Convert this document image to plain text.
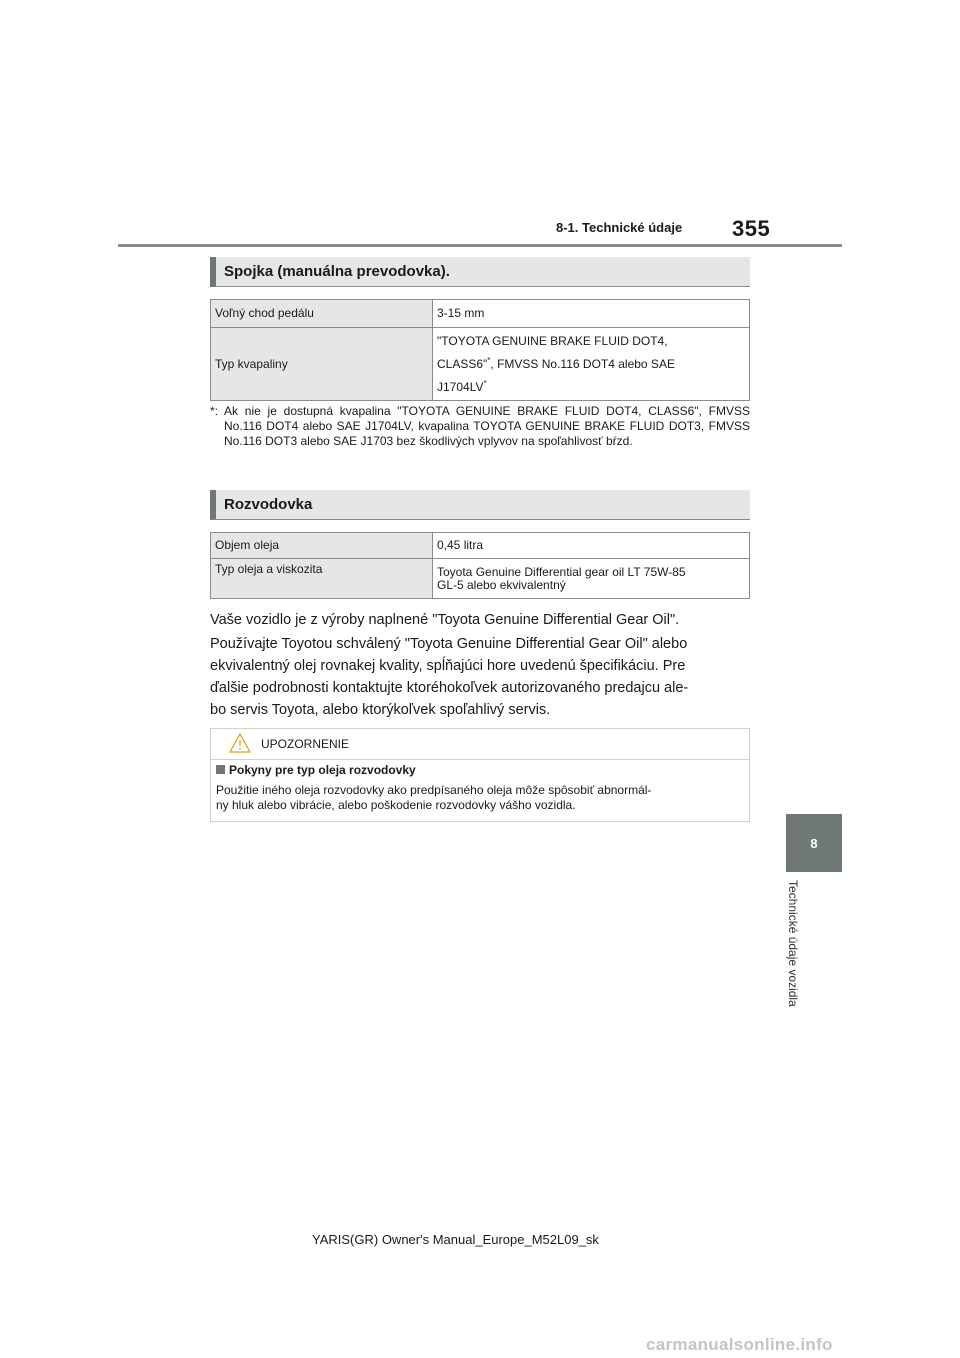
8-1. Technické údaje 355
8
Technické údaje vozidla
Spojka (manuálna prevodovka).
Voľný chod pedálu	3-15 mm
Typ kvapaliny	"TOYOTA GENUINE BRAKE FLUID DOT4,
CLASS6"*, FMVSS No.116 DOT4 alebo SAE
J1704LV*
*: Ak nie je dostupná kvapalina "TOYOTA GENUINE BRAKE FLUID DOT4, CLASS6", FMVSS No.116 DOT4 alebo SAE J1704LV, kvapalina TOYOTA GENUINE BRAKE FLUID DOT3, FMVSS No.116 DOT3 alebo SAE J1703 bez škodlivých vplyvov na spoľahlivosť bŕzd.
Rozvodovka
Objem oleja	0,45 litra
Typ oleja a viskozita	Toyota Genuine Differential gear oil LT 75W-85
GL-5 alebo ekvivalentný
Vaše vozidlo je z výroby naplnené "Toyota Genuine Differential Gear Oil".
Používajte Toyotou schválený "Toyota Genuine Differential Gear Oil" alebo
ekvivalentný olej rovnakej kvality, spĺňajúci hore uvedenú špecifikáciu. Pre
ďalšie podrobnosti kontaktujte ktoréhokoľvek autorizovaného predajcu ale-
bo servis Toyota, alebo ktorýkoľvek spoľahlivý servis.
UPOZORNENIE
Pokyny pre typ oleja rozvodovky
Použitie iného oleja rozvodovky ako predpísaného oleja môže spôsobiť abnormál-
ny hluk alebo vibrácie, alebo poškodenie rozvodovky vášho vozidla.
YARIS(GR) Owner's Manual_Europe_M52L09_sk
carmanualsonline.info
